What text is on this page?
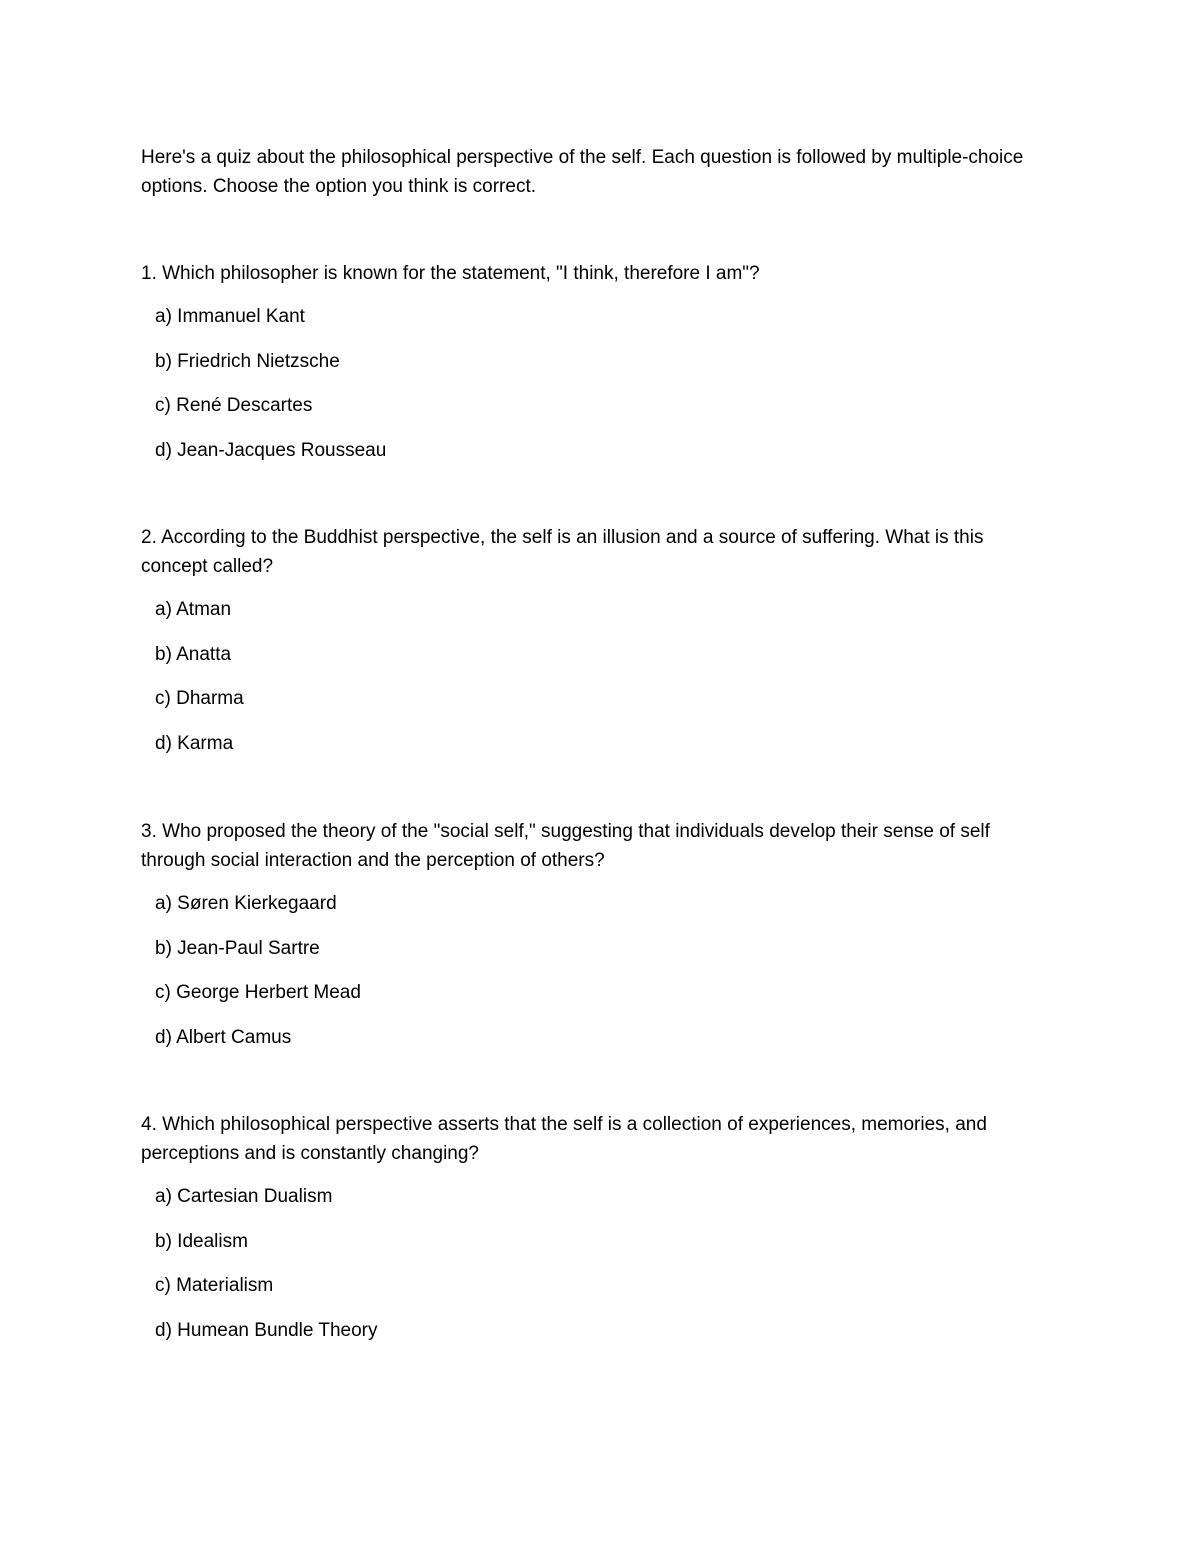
Here's a quiz about the philosophical perspective of the self. Each question is followed by multiple-choice options. Choose the option you think is correct.

1. Which philosopher is known for the statement, "I think, therefore I am"?

a) Immanuel Kant
b) Friedrich Nietzsche
c) René Descartes
d) Jean-Jacques Rousseau

2. According to the Buddhist perspective, the self is an illusion and a source of suffering. What is this concept called?

a) Atman
b) Anatta
c) Dharma
d) Karma

3. Who proposed the theory of the "social self," suggesting that individuals develop their sense of self through social interaction and the perception of others?

a) Søren Kierkegaard
b) Jean-Paul Sartre
c) George Herbert Mead
d) Albert Camus

4. Which philosophical perspective asserts that the self is a collection of experiences, memories, and perceptions and is constantly changing?

a) Cartesian Dualism
b) Idealism
c) Materialism
d) Humean Bundle Theory
